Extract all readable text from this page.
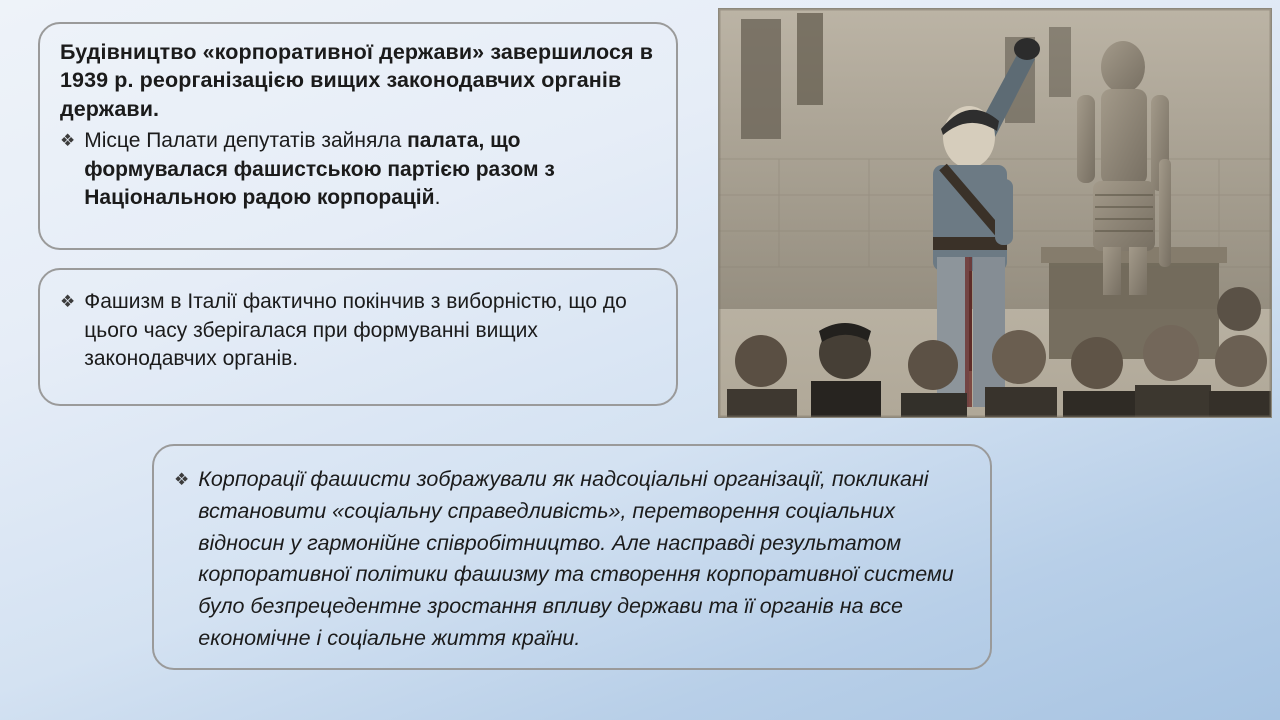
Будівництво «корпоративної держави» завершилося в 1939 р. реорганізацією вищих законодавчих органів держави.

❖ Місце Палати депутатів зайняла палата, що формувалася фашистською партією разом з Національною радою корпорацій.
❖ Фашизм в Італії фактично покінчив з виборністю, що до цього часу зберігалася при формуванні вищих законодавчих органів.
❖ Корпорації фашисти зображували як надсоціальні організації, покликані встановити «соціальну справедливість», перетворення соціальних відносин у гармонійне співробітництво. Але насправді результатом корпоративної політики фашизму та створення корпоративної системи було безпрецедентне зростання впливу держави та її органів на все економічне і соціальне життя країни.
